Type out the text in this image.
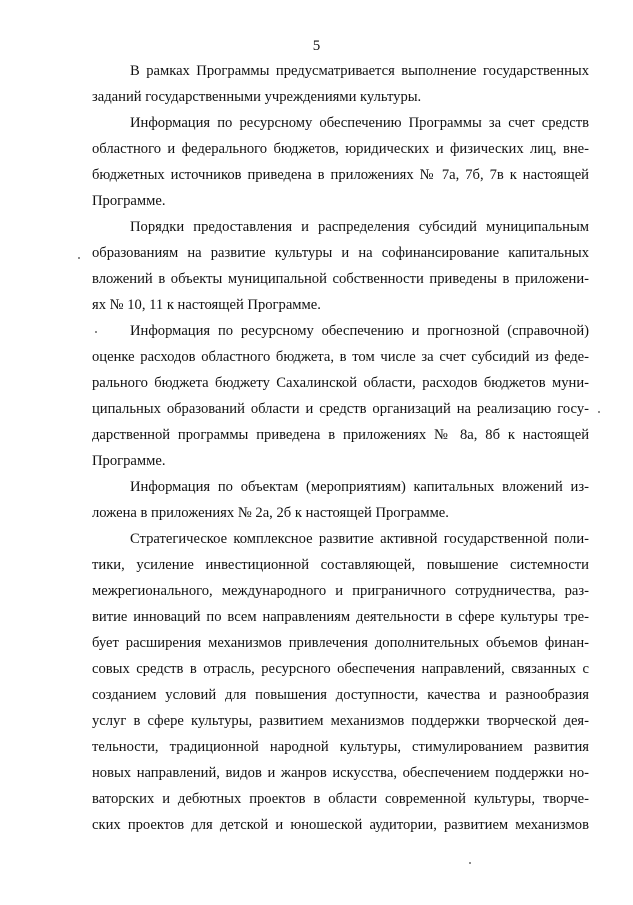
5
В рамках Программы предусматривается выполнение государственных
заданий государственными учреждениями культуры.
Информация по ресурсному обеспечению Программы за счет средств
областного и федерального бюджетов, юридических и физических лиц, вне-
бюджетных источников приведена в приложениях № 7а, 7б, 7в к настоящей
Программе.
Порядки предоставления и распределения субсидий муниципальным
образованиям на развитие культуры и на софинансирование капитальных
вложений в объекты муниципальной собственности приведены в приложени-
ях № 10, 11 к настоящей Программе.
Информация по ресурсному обеспечению и прогнозной (справочной)
оценке расходов областного бюджета, в том числе за счет субсидий из феде-
рального бюджета бюджету Сахалинской области, расходов бюджетов муни-
ципальных образований области и средств организаций на реализацию госу-
дарственной программы приведена в приложениях № 8а, 8б к настоящей
Программе.
Информация по объектам (мероприятиям) капитальных вложений из-
ложена в приложениях № 2а, 2б к настоящей Программе.
Стратегическое комплексное развитие активной государственной поли-
тики, усиление инвестиционной составляющей, повышение системности
межрегионального, международного и приграничного сотрудничества, раз-
витие инноваций по всем направлениям деятельности в сфере культуры тре-
бует расширения механизмов привлечения дополнительных объемов финан-
совых средств в отрасль, ресурсного обеспечения направлений, связанных с
созданием условий для повышения доступности, качества и разнообразия
услуг в сфере культуры, развитием механизмов поддержки творческой дея-
тельности, традиционной народной культуры, стимулированием развития
новых направлений, видов и жанров искусства, обеспечением поддержки но-
ваторских и дебютных проектов в области современной культуры, творче-
ских проектов для детской и юношеской аудитории, развитием механизмов
